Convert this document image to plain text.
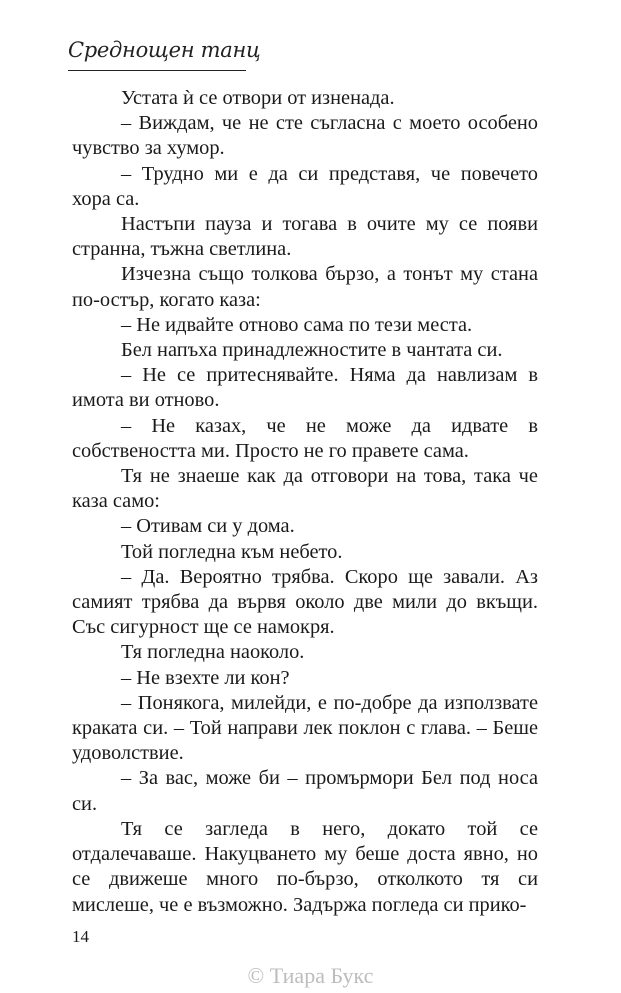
Среднощен танц

Устата ѝ се отвори от изненада.

– Виждам, че не сте съгласна с моето особено чувство за хумор.

– Трудно ми е да си представя, че повечето хора са.

Настъпи пауза и тогава в очите му се появи странна, тъжна светлина.

Изчезна също толкова бързо, а тонът му стана по-остър, когато каза:

– Не идвайте отново сама по тези места.

Бел напъха принадлежностите в чантата си.

– Не се притеснявайте. Няма да навлизам в имота ви отново.

– Не казах, че не може да идвате в собствеността ми. Просто не го правете сама.

Тя не знаеше как да отговори на това, така че каза само:

– Отивам си у дома.

Той погледна към небето.

– Да. Вероятно трябва. Скоро ще завали. Аз самият трябва да вървя около две мили до вкъщи. Със сигурност ще се намокря.

Тя погледна наоколо.

– Не взехте ли кон?

– Понякога, милейди, е по-добре да използвате краката си. – Той направи лек поклон с глава. – Беше удоволствие.

– За вас, може би – промърмори Бел под носа си.

Тя се загледа в него, докато той се отдалечаваше. Накуцването му беше доста явно, но се движеше много по-бързо, отколкото тя си мислеше, че е възможно. Задържа погледа си прико-

14
© Тиара Букс
